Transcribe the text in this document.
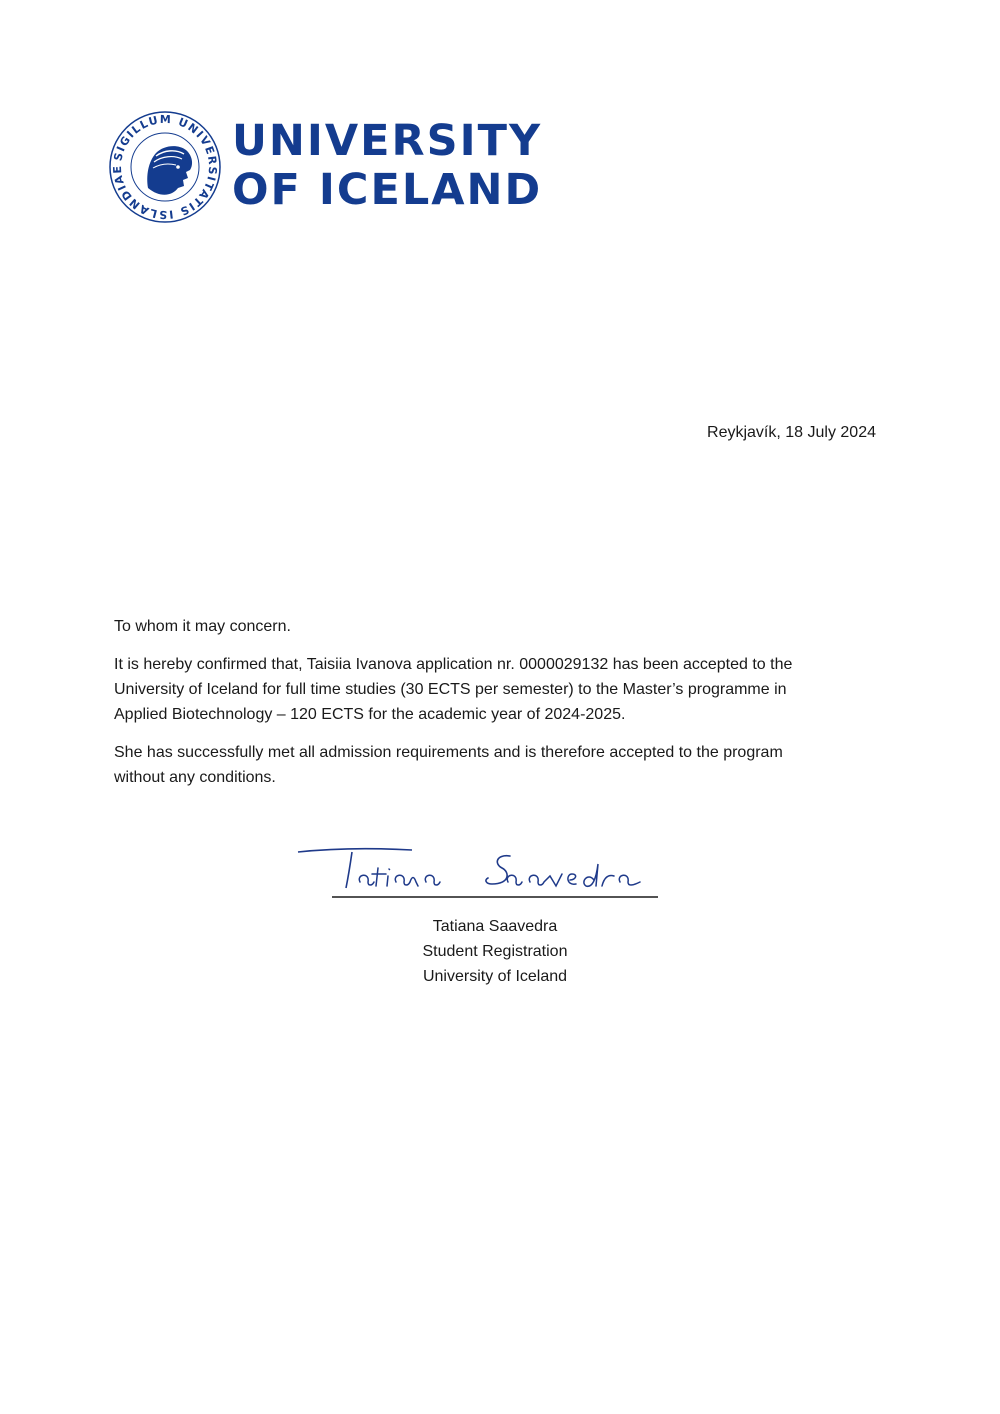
SIGILLUM UNIVERSITATIS ISLANDIAE
UNIVERSITY
OF ICELAND
Reykjavík, 18 July 2024

To whom it may concern.

It is hereby confirmed that, Taisiia Ivanova application nr. 0000029132 has been accepted to the
University of Iceland for full time studies (30 ECTS per semester) to the Master’s programme in
Applied Biotechnology – 120 ECTS for the academic year of 2024-2025.

She has successfully met all admission requirements and is therefore accepted to the program
without any conditions.

Tatiana Saavedra
Student Registration
University of Iceland
